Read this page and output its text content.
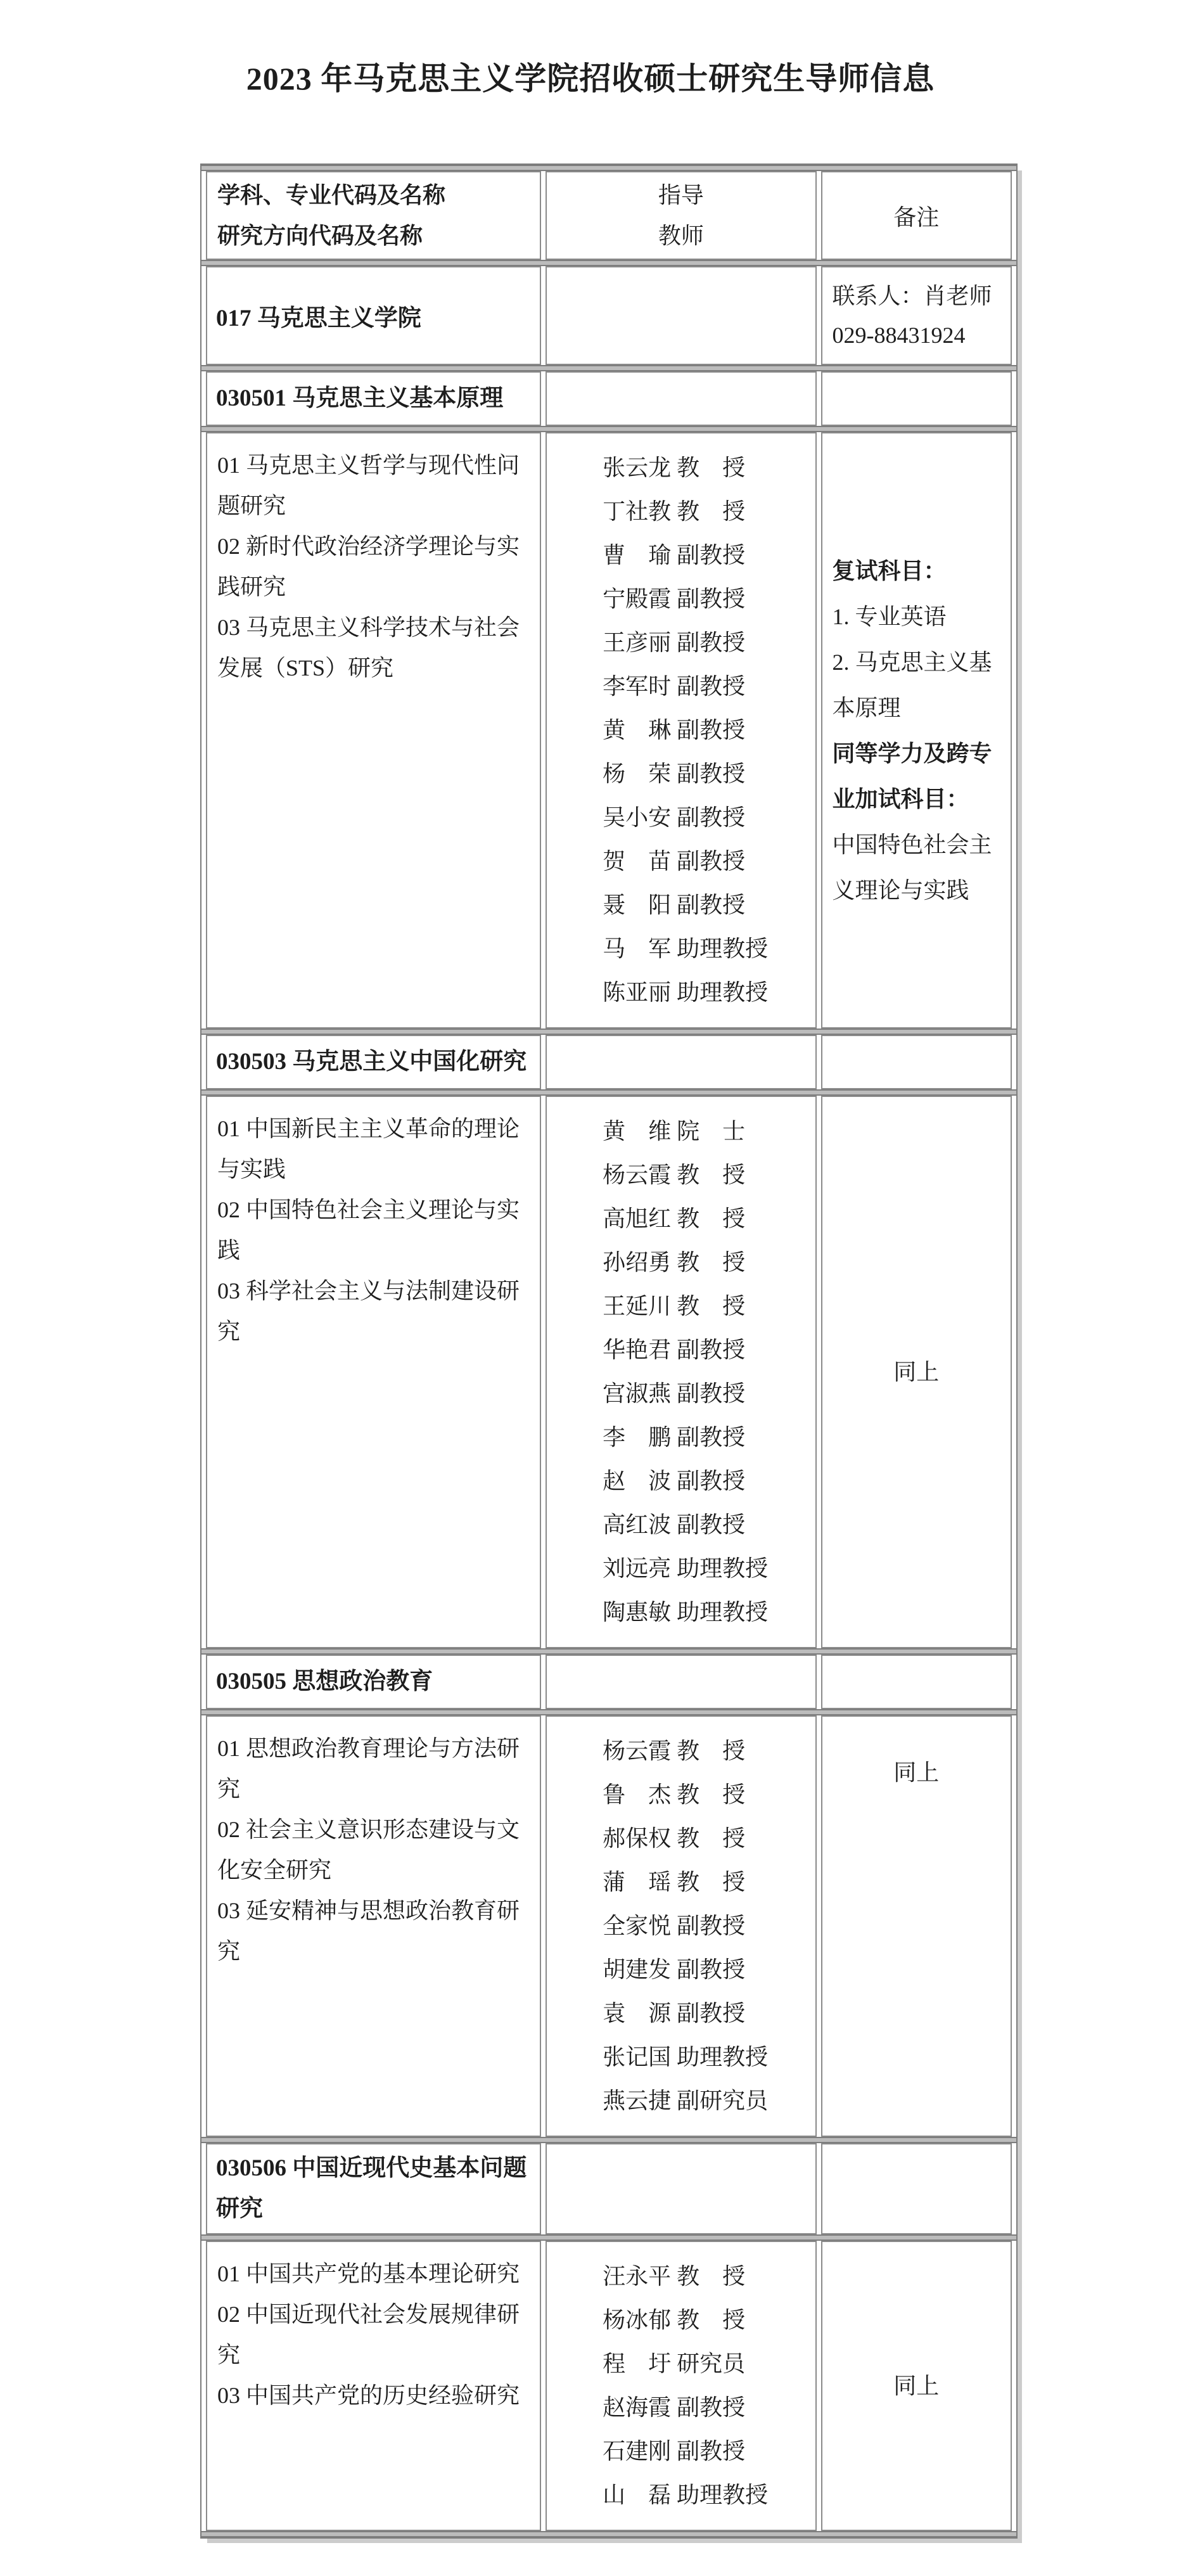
2023 年马克思主义学院招收硕士研究生导师信息
学科、专业代码及名称
研究方向代码及名称
指导
教师
备注
017 马克思主义学院
联系人：肖老师
029-88431924
030501 马克思主义基本原理
01 马克思主义哲学与现代性问题研究
02 新时代政治经济学理论与实践研究
03 马克思主义科学技术与社会发展（STS）研究
张云龙 教　授
丁社教 教　授
曹　瑜 副教授
宁殿霞 副教授
王彦丽 副教授
李军时 副教授
黄　琳 副教授
杨　荣 副教授
吴小安 副教授
贺　苗 副教授
聂　阳 副教授
马　军 助理教授
陈亚丽 助理教授
复试科目：
1. 专业英语
2. 马克思主义基本原理
同等学力及跨专业加试科目：
中国特色社会主义理论与实践
030503 马克思主义中国化研究
01 中国新民主主义革命的理论与实践
02 中国特色社会主义理论与实践
03 科学社会主义与法制建设研究
黄　维 院　士
杨云霞 教　授
高旭红 教　授
孙绍勇 教　授
王延川 教　授
华艳君 副教授
宫淑燕 副教授
李　鹏 副教授
赵　波 副教授
高红波 副教授
刘远亮 助理教授
陶惠敏 助理教授
同上
030505 思想政治教育
01 思想政治教育理论与方法研究
02 社会主义意识形态建设与文化安全研究
03 延安精神与思想政治教育研究
杨云霞 教　授
鲁　杰 教　授
郝保权 教　授
蒲　瑶 教　授
全家悦 副教授
胡建发 副教授
袁　源 副教授
张记国 助理教授
燕云捷 副研究员
同上
030506 中国近现代史基本问题研究
01 中国共产党的基本理论研究
02 中国近现代社会发展规律研究
03 中国共产党的历史经验研究
汪永平 教　授
杨冰郁 教　授
程　圩 研究员
赵海霞 副教授
石建刚 副教授
山　磊 助理教授
同上
